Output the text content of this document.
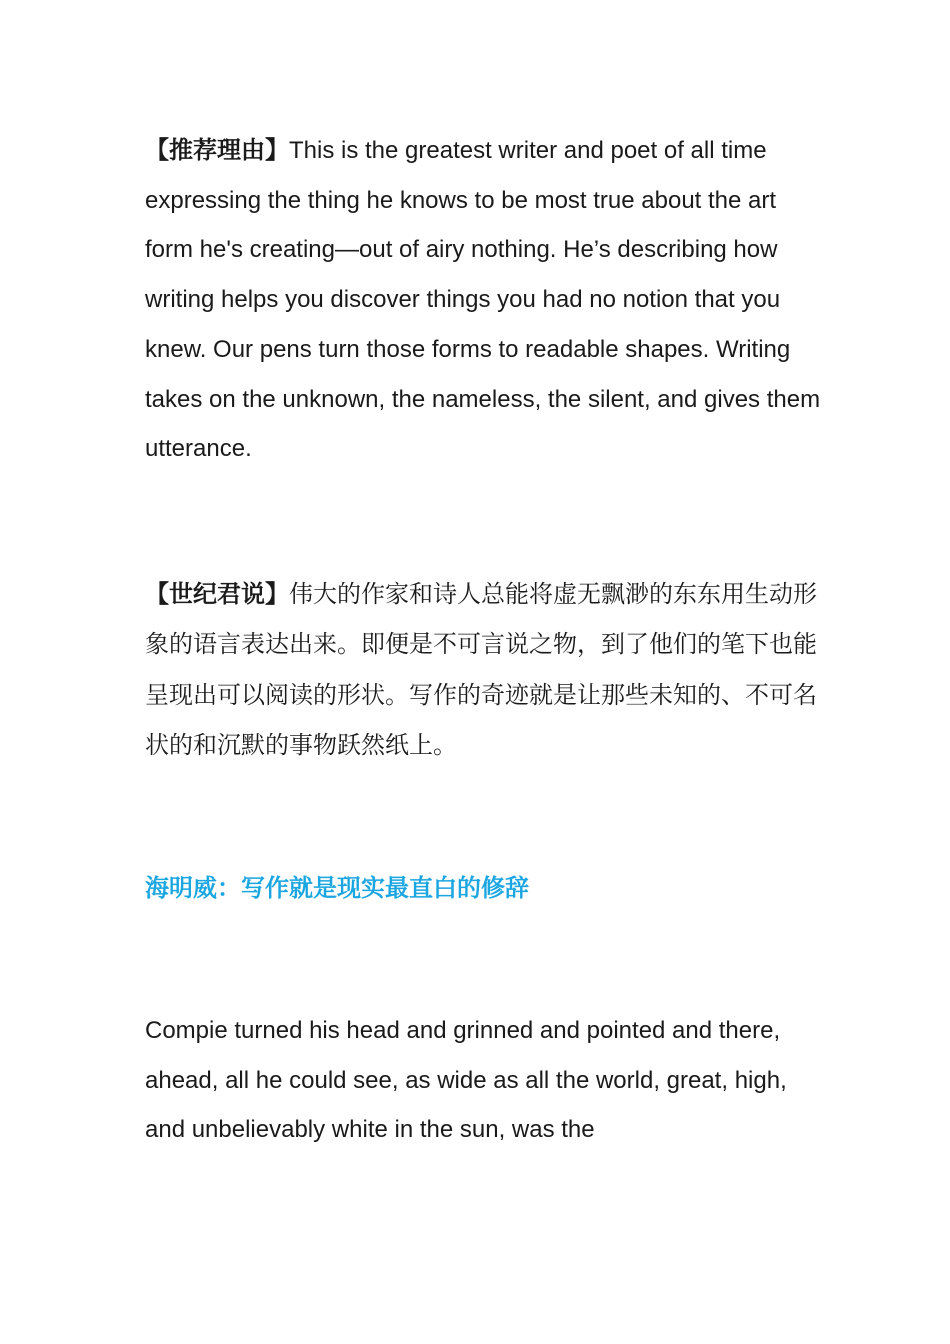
【推荐理由】This is the greatest writer and poet of all time expressing the thing he knows to be most true about the art form he's creating—out of airy nothing. He’s describing how writing helps you discover things you had no notion that you knew. Our pens turn those forms to readable shapes. Writing takes on the unknown, the nameless, the silent, and gives them utterance.
【世纪君说】伟大的作家和诗人总能将虚无飘渺的东东用生动形象的语言表达出来。即便是不可言说之物，到了他们的笔下也能呈现出可以阅读的形状。写作的奇迹就是让那些未知的、不可名状的和沉默的事物跃然纸上。
海明威：写作就是现实最直白的修辞
Compie turned his head and grinned and pointed and there, ahead, all he could see, as wide as all the world, great, high, and unbelievably white in the sun, was the
